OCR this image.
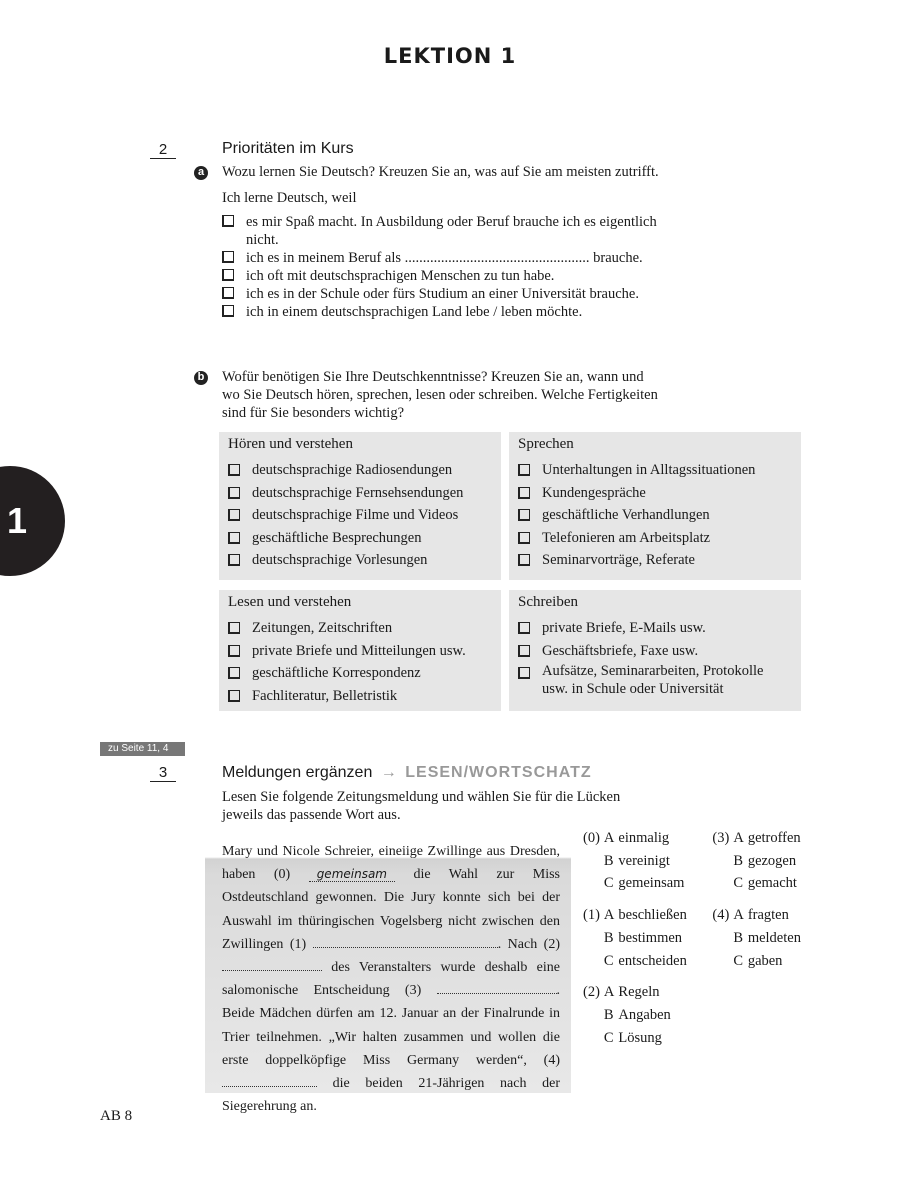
LEKTION 1
1
2	Prioritäten im Kurs
a Wozu lernen Sie Deutsch? Kreuzen Sie an, was auf Sie am meisten zutrifft.
Ich lerne Deutsch, weil
es mir Spaß macht. In Ausbildung oder Beruf brauche ich es eigentlich nicht.
ich es in meinem Beruf als ................................................... brauche.
ich oft mit deutschsprachigen Menschen zu tun habe.
ich es in der Schule oder fürs Studium an einer Universität brauche.
ich in einem deutschsprachigen Land lebe / leben möchte.
b Wofür benötigen Sie Ihre Deutschkenntnisse? Kreuzen Sie an, wann und wo Sie Deutsch hören, sprechen, lesen oder schreiben. Welche Fertigkeiten sind für Sie besonders wichtig?
Hören und verstehen
deutschsprachige Radiosendungen
deutschsprachige Fernsehsendungen
deutschsprachige Filme und Videos
geschäftliche Besprechungen
deutschsprachige Vorlesungen
Sprechen
Unterhaltungen in Alltagssituationen
Kundengespräche
geschäftliche Verhandlungen
Telefonieren am Arbeitsplatz
Seminarvorträge, Referate
Lesen und verstehen
Zeitungen, Zeitschriften
private Briefe und Mitteilungen usw.
geschäftliche Korrespondenz
Fachliteratur, Belletristik
Schreiben
private Briefe, E-Mails usw.
Geschäftsbriefe, Faxe usw.
Aufsätze, Seminararbeiten, Protokolle usw. in Schule oder Universität
zu Seite 11, 4
3	Meldungen ergänzen → LESEN/WORTSCHATZ
Lesen Sie folgende Zeitungsmeldung und wählen Sie für die Lücken jeweils das passende Wort aus.
Mary und Nicole Schreier, eineiige Zwillinge aus Dresden, haben (0) gemeinsam die Wahl zur Miss Ostdeutschland gewonnen. Die Jury konnte sich bei der Auswahl im thüringischen Vogelsberg nicht zwischen den Zwillingen (1)	. Nach (2)  des Veranstalters wurde deshalb eine salomonische Entscheidung (3)	. Beide Mädchen dürfen am 12. Januar an der Finalrunde in Trier teilnehmen. „Wir halten zusammen und wollen die erste doppelköpfige Miss Germany werden“, (4)  die beiden 21-Jährigen nach der Siegerehrung an.
(0)	A	einmalig	(3)	A	getroffen
	B	vereinigt		B	gezogen
	C	gemeinsam		C	gemacht

(1)	A	beschließen	(4)	A	fragten
	B	bestimmen		B	meldeten
	C	entscheiden		C	gaben

(2)	A	Regeln			
	B	Angaben			
	C	Lösung			
AB 8
